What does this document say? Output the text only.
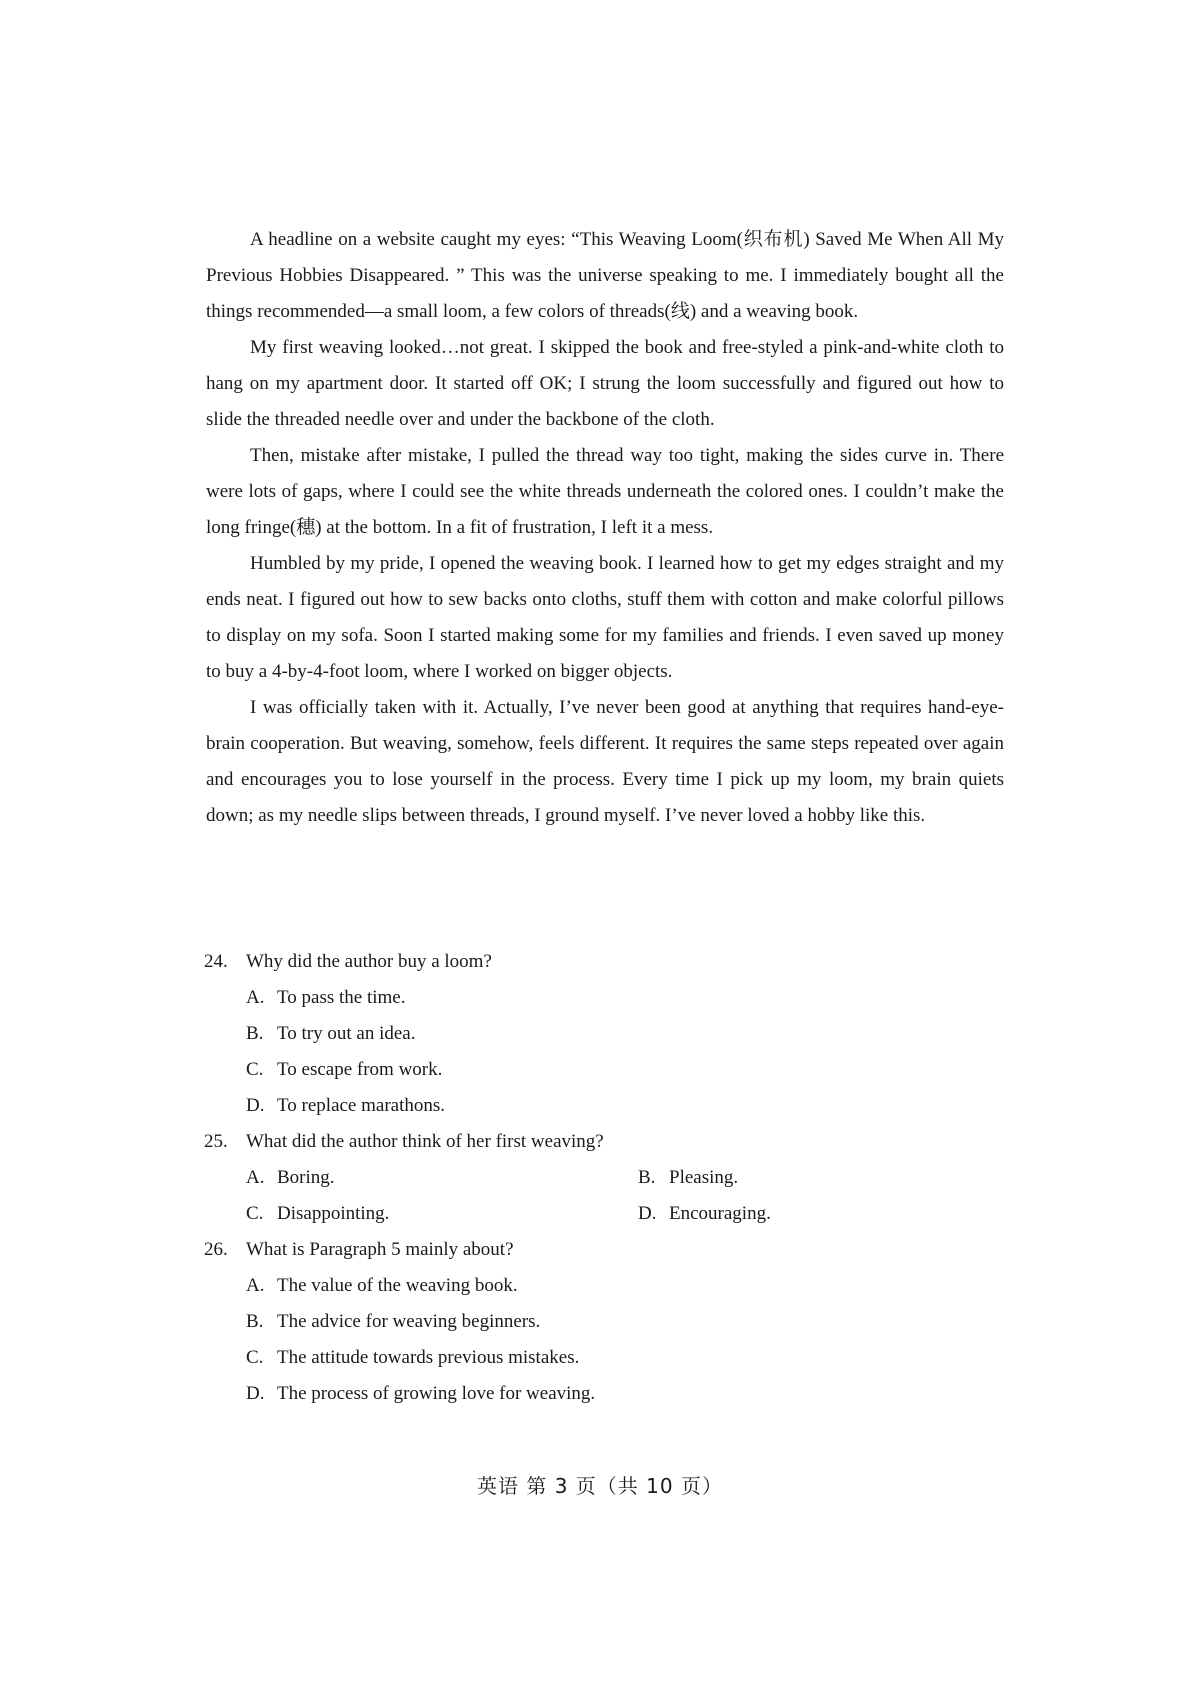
A headline on a website caught my eyes: “This Weaving Loom(织布机) Saved Me When All My Previous Hobbies Disappeared. ” This was the universe speaking to me. I immediately bought all the things recommended—a small loom, a few colors of threads(线) and a weaving book.

My first weaving looked…not great. I skipped the book and free-styled a pink-and-white cloth to hang on my apartment door. It started off OK; I strung the loom successfully and figured out how to slide the threaded needle over and under the backbone of the cloth.

Then, mistake after mistake, I pulled the thread way too tight, making the sides curve in. There were lots of gaps, where I could see the white threads underneath the colored ones. I couldn’t make the long fringe(穗) at the bottom. In a fit of frustration, I left it a mess.

Humbled by my pride, I opened the weaving book. I learned how to get my edges straight and my ends neat. I figured out how to sew backs onto cloths, stuff them with cotton and make colorful pillows to display on my sofa. Soon I started making some for my families and friends. I even saved up money to buy a 4-by-4-foot loom, where I worked on bigger objects.

I was officially taken with it. Actually, I’ve never been good at anything that requires hand-eye-brain cooperation. But weaving, somehow, feels different. It requires the same steps repeated over again and encourages you to lose yourself in the process. Every time I pick up my loom, my brain quiets down; as my needle slips between threads, I ground myself. I’ve never loved a hobby like this.

24. Why did the author buy a loom?
A. To pass the time.
B. To try out an idea.
C. To escape from work.
D. To replace marathons.
25. What did the author think of her first weaving?
A. Boring.	B. Pleasing.
C. Disappointing.	D. Encouraging.
26. What is Paragraph 5 mainly about?
A. The value of the weaving book.
B. The advice for weaving beginners.
C. The attitude towards previous mistakes.
D. The process of growing love for weaving.
英语 第 3 页（共 10 页）
